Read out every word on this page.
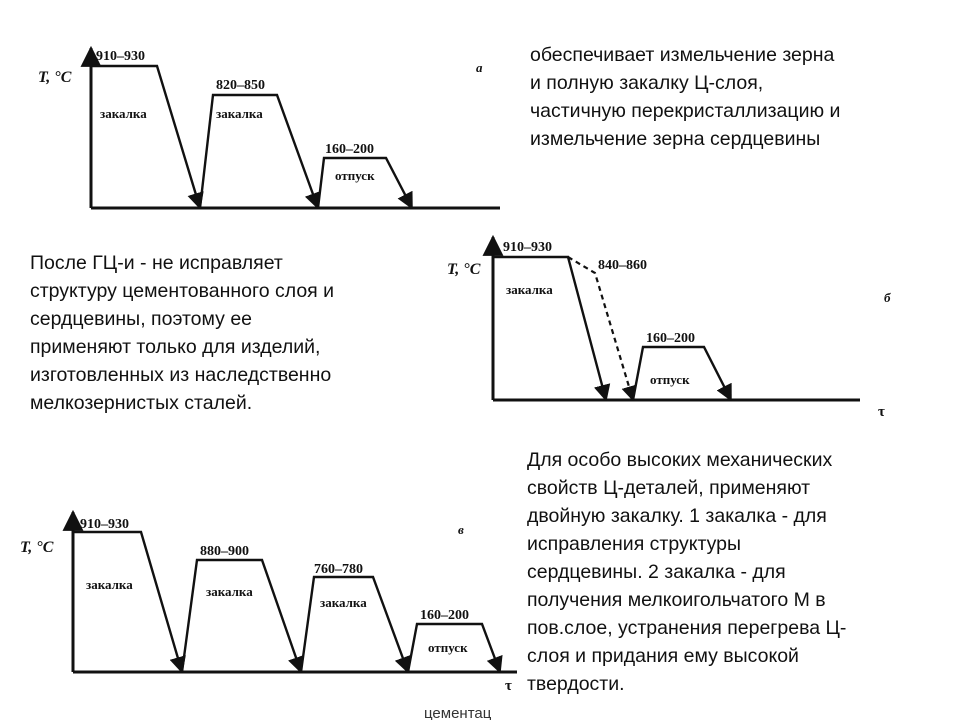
обеспечивает измельчение зерна
и полную закалку Ц-слоя,
частичную перекристаллизацию и
измельчение зерна сердцевины
После ГЦ-и - не исправляет
структуру цементованного слоя и
сердцевины, поэтому ее
применяют только для изделий,
изготовленных из наследственно
мелкозернистых сталей.
Для особо высоких механических
свойств Ц-деталей, применяют
двойную закалку. 1 закалка - для
исправления структуры
сердцевины. 2 закалка - для
получения мелкоигольчатого М в
пов.слое, устранения перегрева Ц-
слоя и придания ему высокой
твердости.
T, °C
910–930
820–850
160–200
закалка	закалка
отпуск
а
T, °C
910–930
840–860
160–200
закалка
отпуск
б
τ
T, °C
910–930
880–900
760–780
160–200
закалка	закалка
закалка
отпуск
в
τ
цементац
